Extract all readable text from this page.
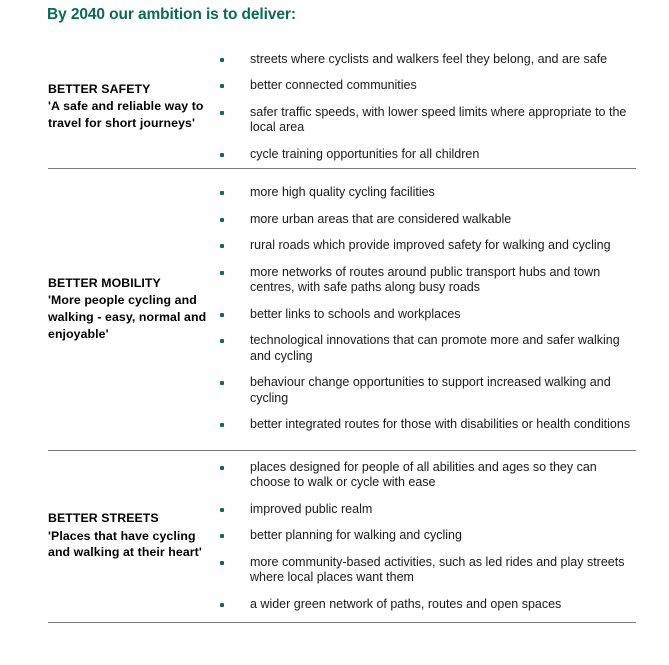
By 2040 our ambition is to deliver:
BETTER SAFETY
'A safe and reliable way to travel for short journeys'

streets where cyclists and walkers feel they belong, and are safe
better connected communities
safer traffic speeds, with lower speed limits where appropriate to the local area
cycle training opportunities for all children

BETTER MOBILITY
'More people cycling and walking - easy, normal and enjoyable'

more high quality cycling facilities
more urban areas that are considered walkable
rural roads which provide improved safety for walking and cycling
more networks of routes around public transport hubs and town centres, with safe paths along busy roads
better links to schools and workplaces
technological innovations that can promote more and safer walking and cycling
behaviour change opportunities to support increased walking and cycling
better integrated routes for those with disabilities or health conditions

BETTER STREETS
'Places that have cycling and walking at their heart'

places designed for people of all abilities and ages so they can choose to walk or cycle with ease
improved public realm
better planning for walking and cycling
more community-based activities, such as led rides and play streets where local places want them
a wider green network of paths, routes and open spaces
